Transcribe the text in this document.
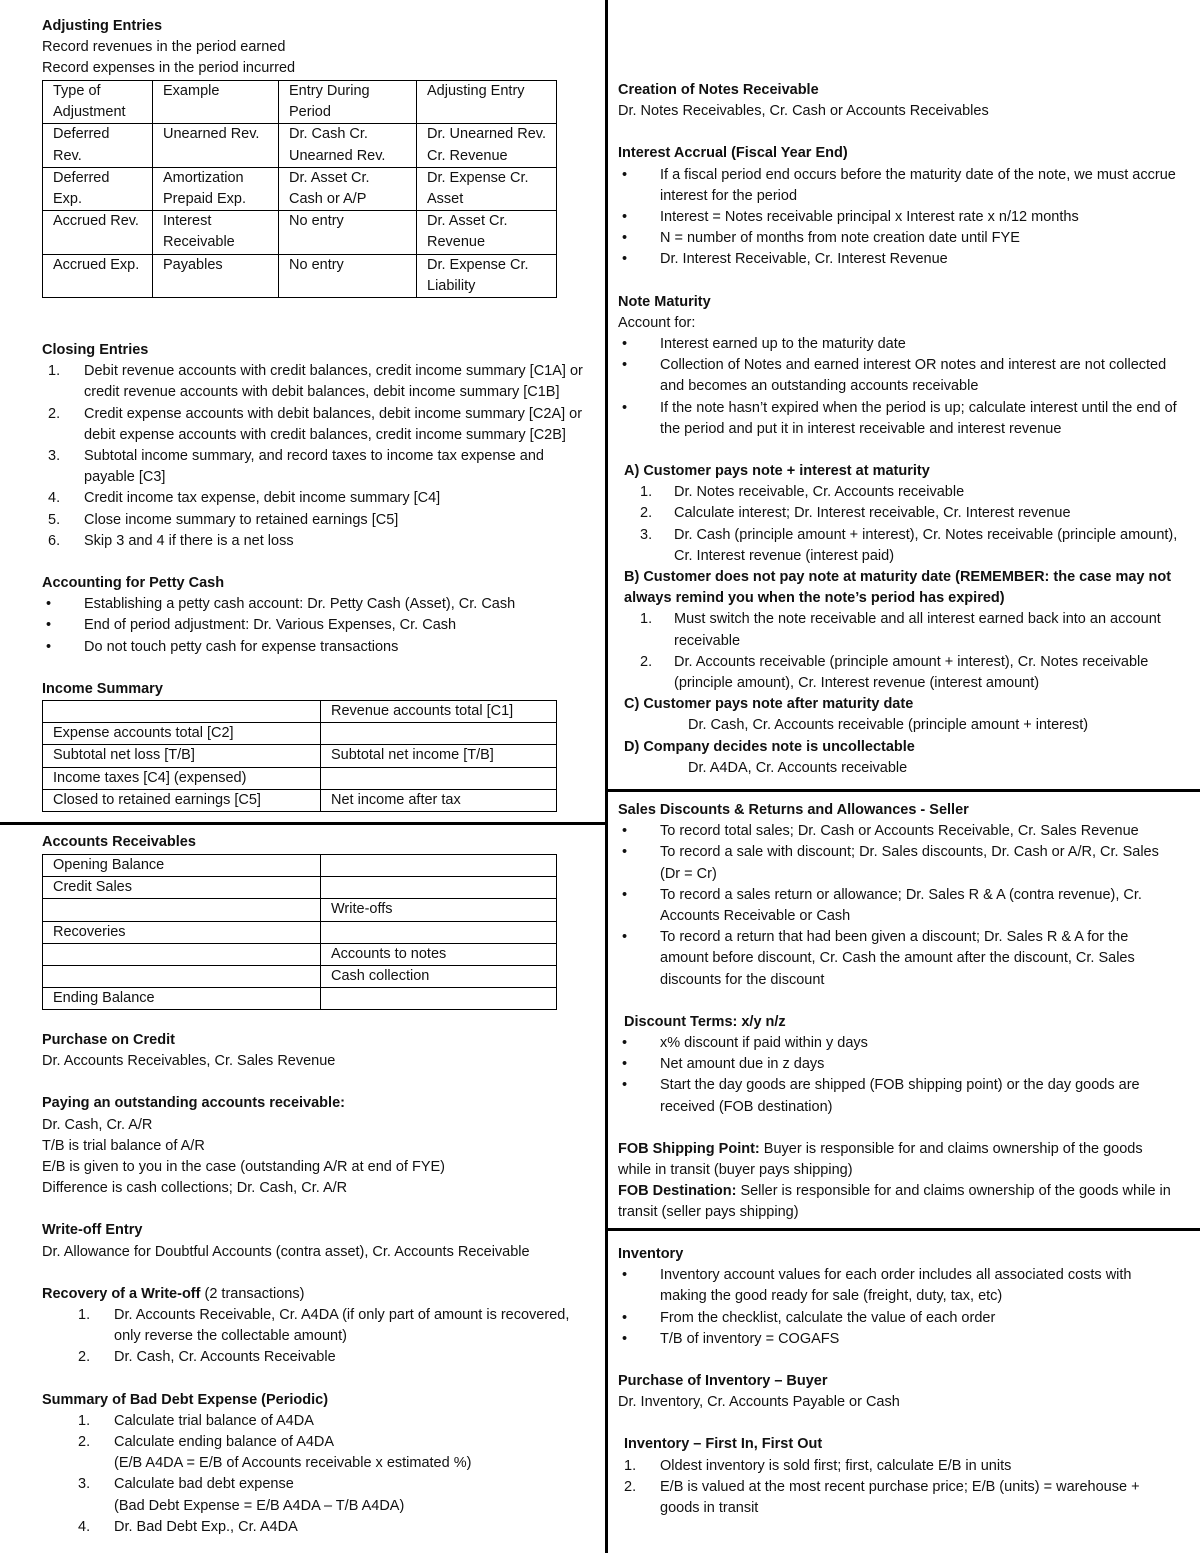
Adjusting Entries
Record revenues in the period earned
Record expenses in the period incurred
Type of Adjustment	Example	Entry During Period	Adjusting Entry
Deferred Rev.	Unearned Rev.	Dr. Cash Cr. Unearned Rev.	Dr. Unearned Rev. Cr. Revenue
Deferred Exp.	Amortization Prepaid Exp.	Dr. Asset Cr. Cash or A/P	Dr. Expense Cr. Asset
Accrued Rev.	Interest Receivable	No entry	Dr. Asset Cr. Revenue
Accrued Exp.	Payables	No entry	Dr. Expense Cr. Liability
Closing Entries
1. Debit revenue accounts with credit balances, credit income summary [C1A] or credit revenue accounts with debit balances, debit income summary [C1B]
2. Credit expense accounts with debit balances, debit income summary [C2A] or debit expense accounts with credit balances, credit income summary [C2B]
3. Subtotal income summary, and record taxes to income tax expense and payable [C3]
4. Credit income tax expense, debit income summary [C4]
5. Close income summary to retained earnings [C5]
6. Skip 3 and 4 if there is a net loss
Accounting for Petty Cash
• Establishing a petty cash account: Dr. Petty Cash (Asset), Cr. Cash
• End of period adjustment: Dr. Various Expenses, Cr. Cash
• Do not touch petty cash for expense transactions
Income Summary
	Revenue accounts total [C1]
Expense accounts total [C2]	
Subtotal net loss [T/B]	Subtotal net income [T/B]
Income taxes [C4] (expensed)	
Closed to retained earnings [C5]	Net income after tax
Accounts Receivables
Opening Balance	
Credit Sales	
	Write-offs
Recoveries	
	Accounts to notes
	Cash collection
Ending Balance	
Purchase on Credit
Dr. Accounts Receivables, Cr. Sales Revenue
Paying an outstanding accounts receivable:
Dr. Cash, Cr. A/R
T/B is trial balance of A/R
E/B is given to you in the case (outstanding A/R at end of FYE)
Difference is cash collections; Dr. Cash, Cr. A/R
Write-off Entry
Dr. Allowance for Doubtful Accounts (contra asset), Cr. Accounts Receivable
Recovery of a Write-off (2 transactions)
1. Dr. Accounts Receivable, Cr. A4DA (if only part of amount is recovered, only reverse the collectable amount)
2. Dr. Cash, Cr. Accounts Receivable
Summary of Bad Debt Expense (Periodic)
1. Calculate trial balance of A4DA
2. Calculate ending balance of A4DA
(E/B A4DA = E/B of Accounts receivable x estimated %)
3. Calculate bad debt expense
(Bad Debt Expense = E/B A4DA – T/B A4DA)
4. Dr. Bad Debt Exp., Cr. A4DA
Creation of Notes Receivable
Dr. Notes Receivables, Cr. Cash or Accounts Receivables
Interest Accrual (Fiscal Year End)
• If a fiscal period end occurs before the maturity date of the note, we must accrue interest for the period
• Interest = Notes receivable principal x Interest rate x n/12 months
• N = number of months from note creation date until FYE
• Dr. Interest Receivable, Cr. Interest Revenue
Note Maturity
Account for:
• Interest earned up to the maturity date
• Collection of Notes and earned interest OR notes and interest are not collected and becomes an outstanding accounts receivable
• If the note hasn’t expired when the period is up; calculate interest until the end of the period and put it in interest receivable and interest revenue
A) Customer pays note + interest at maturity
1. Dr. Notes receivable, Cr. Accounts receivable
2. Calculate interest; Dr. Interest receivable, Cr. Interest revenue
3. Dr. Cash (principle amount + interest), Cr. Notes receivable (principle amount), Cr. Interest revenue (interest paid)
B) Customer does not pay note at maturity date (REMEMBER: the case may not always remind you when the note’s period has expired)
1. Must switch the note receivable and all interest earned back into an account receivable
2. Dr. Accounts receivable (principle amount + interest), Cr. Notes receivable (principle amount), Cr. Interest revenue (interest amount)
C) Customer pays note after maturity date
Dr. Cash, Cr. Accounts receivable (principle amount + interest)
D) Company decides note is uncollectable
Dr. A4DA, Cr. Accounts receivable
Sales Discounts & Returns and Allowances - Seller
• To record total sales; Dr. Cash or Accounts Receivable, Cr. Sales Revenue
• To record a sale with discount; Dr. Sales discounts, Dr. Cash or A/R, Cr. Sales (Dr = Cr)
• To record a sales return or allowance; Dr. Sales R & A (contra revenue), Cr. Accounts Receivable or Cash
• To record a return that had been given a discount; Dr. Sales R & A for the amount before discount, Cr. Cash the amount after the discount, Cr. Sales discounts for the discount
Discount Terms: x/y n/z
• x% discount if paid within y days
• Net amount due in z days
• Start the day goods are shipped (FOB shipping point) or the day goods are received (FOB destination)
FOB Shipping Point: Buyer is responsible for and claims ownership of the goods while in transit (buyer pays shipping)
FOB Destination: Seller is responsible for and claims ownership of the goods while in transit (seller pays shipping)
Inventory
• Inventory account values for each order includes all associated costs with making the good ready for sale (freight, duty, tax, etc)
• From the checklist, calculate the value of each order
• T/B of inventory = COGAFS
Purchase of Inventory – Buyer
Dr. Inventory, Cr. Accounts Payable or Cash
Inventory – First In, First Out
1. Oldest inventory is sold first; first, calculate E/B in units
2. E/B is valued at the most recent purchase price; E/B (units) = warehouse + goods in transit
